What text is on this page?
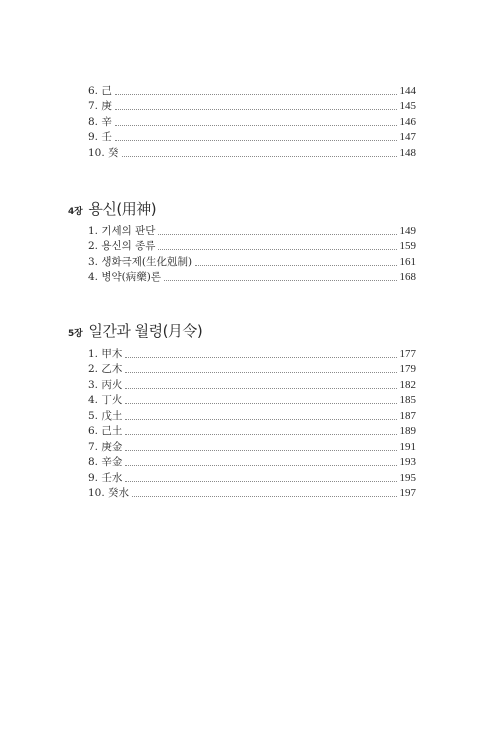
6. 己	144
7. 庚	145
8. 辛	146
9. 壬	147
10. 癸	148
4장 용신(用神)
1. 기세의 판단	149
2. 용신의 종류	159
3. 생화극제(生化剋制)	161
4. 병약(病藥)론	168
5장 일간과 월령(月令)
1. 甲木	177
2. 乙木	179
3. 丙火	182
4. 丁火	185
5. 戊土	187
6. 己土	189
7. 庚金	191
8. 辛金	193
9. 壬水	195
10. 癸水	197
